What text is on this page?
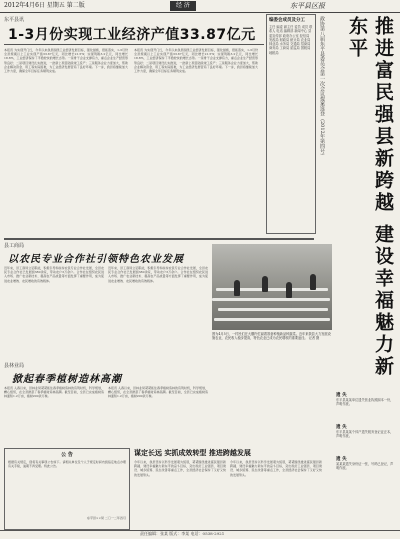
2012年4月6日 星期五 第二版	经 济	东平县区报
东平县讯
1-3月份实现工业经济产值33.87亿元
本报讯 为实现开门红，今年以来我县围绕工业经济发展目标，强化措施，狠抓落实，1-3月份全县规模以上工业实现产值33.87亿元，同比增长21.5%；实现利税3.2亿元，同比增长18.6%，工业经济保持了平稳较快的增长态势。一是骨干企业支撑有力，重点企业生产经营形势良好；二是项目建设扎实推进，一批新上项目陆续竣工投产；三是服务企业力度加大，帮助企业解决资金、用工等实际困难，为工业经济发展营造了良好环境。下一步，我县将继续加大工作力度，确保全年目标任务顺利完成。
本报讯 为实现开门红，今年以来我县围绕工业经济发展目标，强化措施，狠抓落实，1-3月份全县规模以上工业实现产值33.87亿元，同比增长21.5%；实现利税3.2亿元，同比增长18.6%，工业经济保持了平稳较快的增长态势。一是骨干企业支撑有力，重点企业生产经营形势良好；二是项目建设扎实推进，一批新上项目陆续竣工投产；三是服务企业力度加大，帮助企业解决资金、用工等实际困难，为工业经济发展营造了良好环境。下一步，我县将继续加大工作力度，确保全年目标任务顺利完成。
编委会成员及分工
主任 编委 副主任 委员 成员 联系人 电话 编辑部 新闻中心 县委宣传部 政府办公室 经信局 发改局 财政局 统计局 农业局 林业局 水务局 交通局 招商局 商务局 工商局 质监局 国税局 地税局	政协第八届东平县委员会第一次会议提案选登（2012年第四号）	推进富民强县新跨越 建设幸福魅力新东平
县工商局
以农民专业合作社引领特色农业发展
近年来，县工商局立足职能，积极引导和扶持农民专业合作社发展，全县农民专业合作社已发展到380余家，带动农户3万余户。合作社在组织农民进入市场、推广农业新技术、提高农产品质量等方面发挥了重要作用，成为促进农业增效、农民增收的有效载体。
近年来，县工商局立足职能，积极引导和扶持农民专业合作社发展，全县农民专业合作社已发展到380余家，带动农户3万余户。合作社在组织农民进入市场、推广农业新技术、提高农产品质量等方面发挥了重要作用，成为促进农业增效、农民增收的有效载体。
图为4月5日，一村民们在大棚内忙碌着准备种植新品种蔬菜。近年来我县大力发展设施农业，农民收入稳步提高，特色农业已成为农民增收的重要途径。 记者 摄
县林业局
掀起春季植树造林高潮
本报讯 入春以来，县林业局紧紧抓住春季植树造林的有利时机，科学规划，精心组织，在全县掀起了春季植树造林高潮。截至目前，全县已完成植树造林面积1.2万亩，植树200余万株。
本报讯 入春以来，县林业局紧紧抓住春季植树造林的有利时机，科学规划，精心组织，在全县掀起了春季植树造林高潮。截至目前，全县已完成植树造林面积1.2万亩，植树200余万株。
公 告
根据有关规定，现将有关事项公告如下。请相关单位及个人于规定时间内到指定地点办理有关手续，逾期不再受理。特此公告。
东平县××局 二〇一二年四月
谋定长远 实抓成效转型 推进跨越发展
今年以来，我县坚持以科学发展观为统领，紧紧围绕推进富民强县新跨越、建设幸福魅力新东平的奋斗目标，突出抓好工业强县、项目建设、城乡统筹、民生改善等重点工作，全县经济社会保持了又好又快的发展势头。
今年以来，我县坚持以科学发展观为统领，紧紧围绕推进富民强县新跨越、建设幸福魅力新东平的奋斗目标，突出抓好工业强县、项目建设、城乡统筹、民生改善等重点工作，全县经济社会保持了又好又快的发展势头。
遗 失
东平县某某单位遗失营业执照副本一份，声明作废。
遗 失
东平县某某个体户遗失税务登记证正本，声明作废。
遗 失
某某某遗失身份证一张，号码已登记，声明作废。
责任编辑：张某 版式：李某 电话：0538-2921
